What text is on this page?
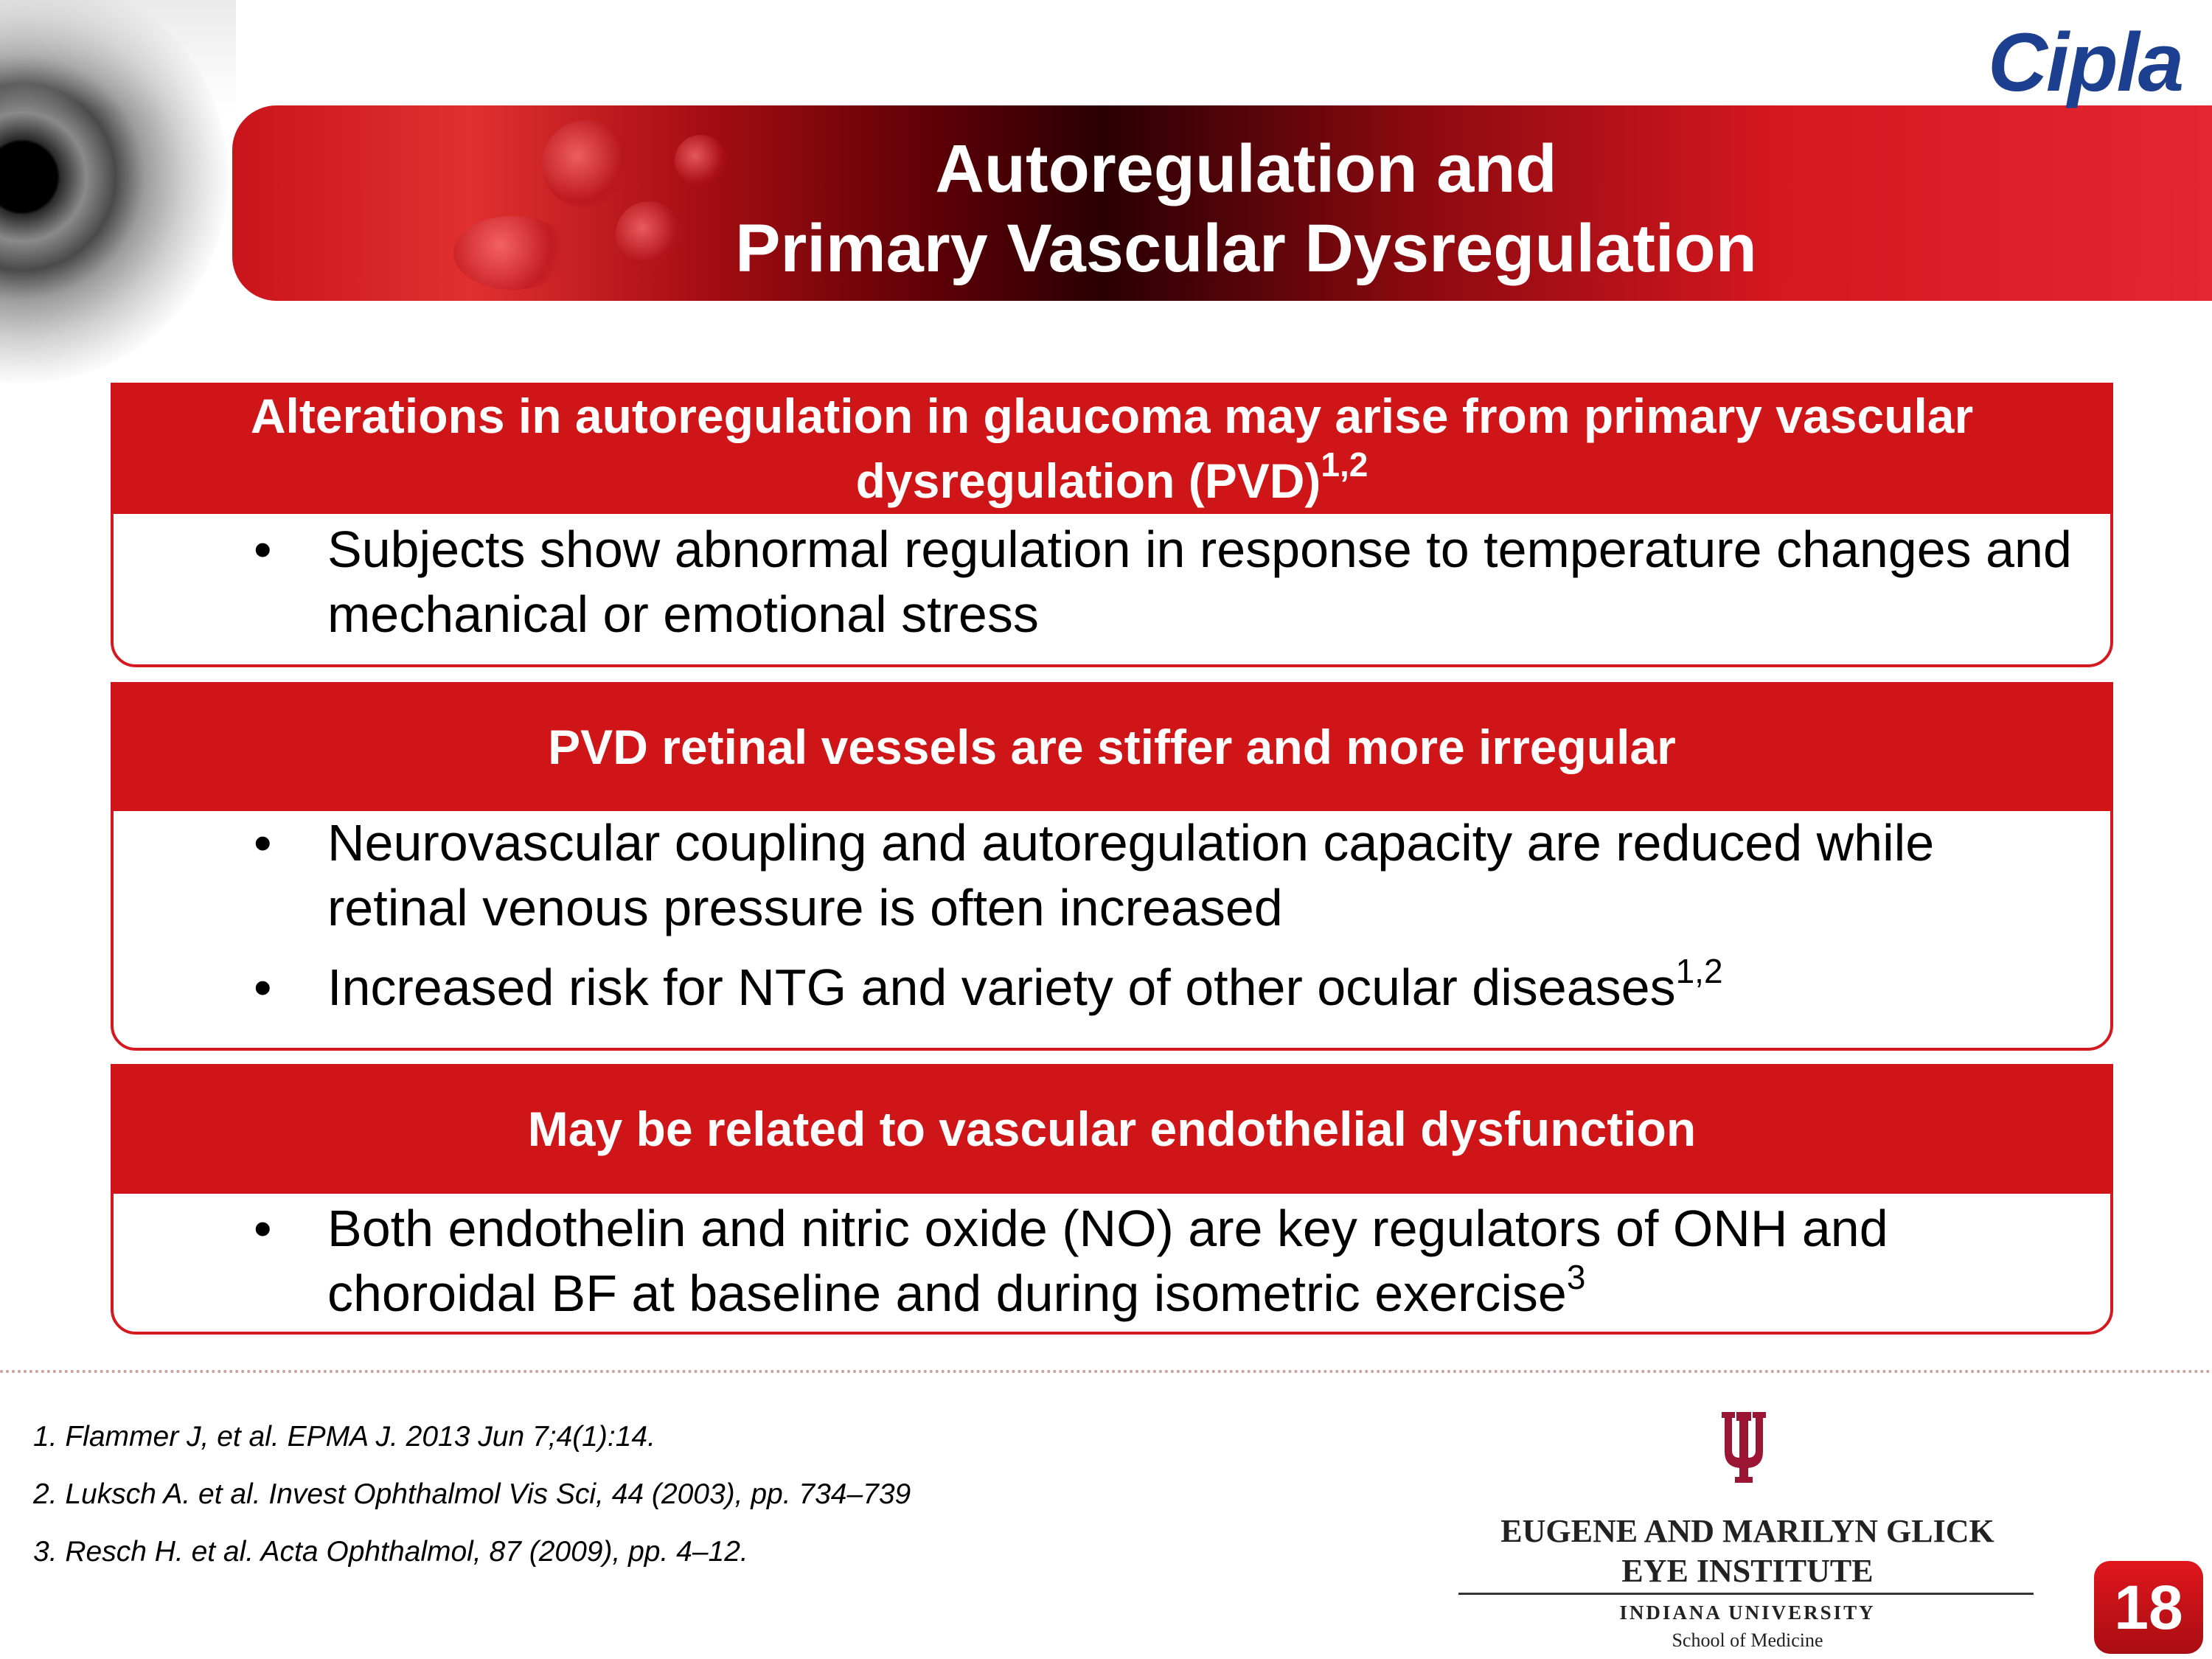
Autoregulation and
Primary Vascular Dysregulation
Cipla
• Subjects show abnormal regulation in response to temperature changes and mechanical or emotional stress
Alterations in autoregulation in glaucoma may arise from primary vascular dysregulation (PVD)$^{1,2}$
• Neurovascular coupling and autoregulation capacity are reduced while retinal venous pressure is often increased
• Increased risk for NTG and variety of other ocular diseases$^{1,2}$
PVD retinal vessels are stiffer and more irregular
• Both endothelin and nitric oxide (NO) are key regulators of ONH and choroidal BF at baseline and during isometric exercise$^3$
May be related to vascular endothelial dysfunction
1. Flammer J, et al. EPMA J. 2013 Jun 7;4(1):14.
2. Luksch A. et al. Invest Ophthalmol Vis Sci, 44 (2003), pp. 734–739
3. Resch H. et al. Acta Ophthalmol, 87 (2009), pp. 4–12.
EUGENE AND MARILYN GLICK
EYE INSTITUTE
INDIANA UNIVERSITY
School of Medicine	18
